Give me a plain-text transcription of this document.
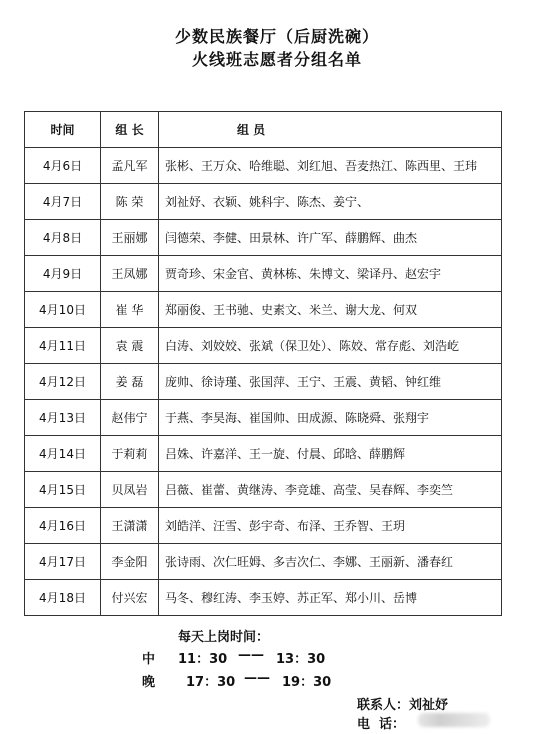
少数民族餐厅（后厨洗碗）
火线班志愿者分组名单
时间	组 长	组 员
4月6日	孟凡军	张彬、王万众、哈维聪、刘红旭、吾麦热江、陈西里、王玮
4月7日	陈 荣	刘祉妤、衣颖、姚科宇、陈杰、姜宁、
4月8日	王丽娜	闫德荣、李健、田景林、许广军、薛鹏辉、曲杰
4月9日	王凤娜	贾奇珍、宋金官、黄林栋、朱博文、梁译丹、赵宏宇
4月10日	崔 华	郑丽俊、王书驰、史素文、米兰、谢大龙、何双
4月11日	袁 震	白涛、刘姣姣、张斌（保卫处）、陈姣、常存彪、刘浩屹
4月12日	姜 磊	庞帅、徐诗瑾、张国萍、王宁、王震、黄韬、钟红维
4月13日	赵伟宁	于燕、李昊海、崔国帅、田成源、陈晓舜、张翔宇
4月14日	于莉莉	吕姝、许嘉洋、王一旋、付晨、邱晗、薛鹏辉
4月15日	贝凤岩	吕薇、崔蕾、黄继涛、李竞雄、高莹、吴春辉、李奕竺
4月16日	王潇潇	刘皓洋、汪雪、彭宇奇、布泽、王乔智、王玥
4月17日	李金阳	张诗雨、次仁旺姆、多吉次仁、李娜、王丽新、潘春红
4月18日	付兴宏	马冬、穆红涛、李玉婷、苏正军、郑小川、岳博
每天上岗时间：
中 11：30 —— 13：30
晚 17：30 —— 19：30
联系人：刘祉妤
电  话：
